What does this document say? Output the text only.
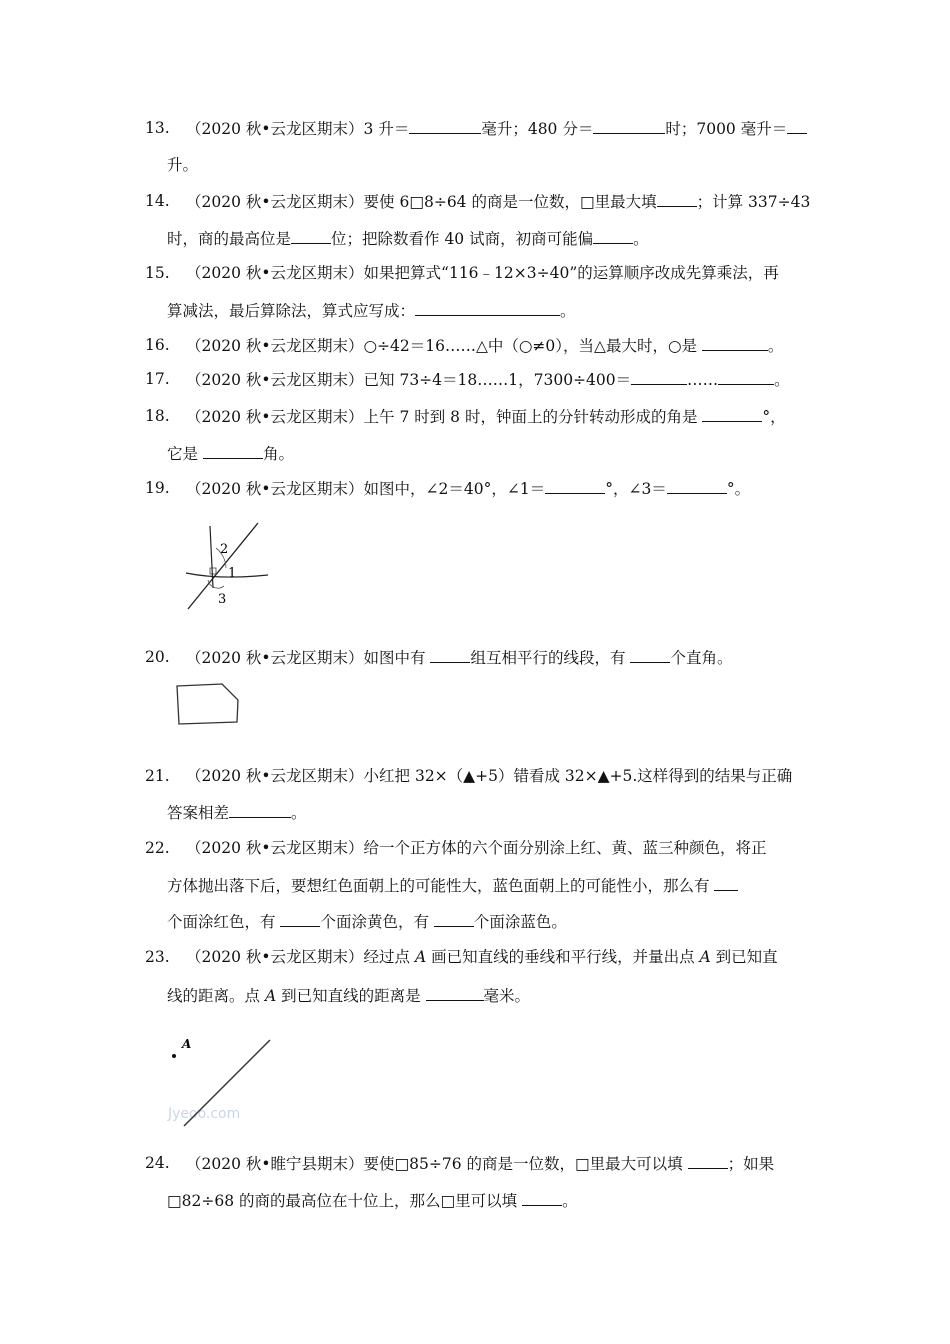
13. （2020 秋•云龙区期末）3 升＝	毫升；480 分＝	时；7000 毫升＝
升。
14. （2020 秋•云龙区期末）要使 6□8÷64 的商是一位数，□里最大填	；计算 337÷43
时，商的最高位是	位；把除数看作 40 试商，初商可能偏	。
15. （2020 秋•云龙区期末）如果把算式“116﹣12×3÷40”的运算顺序改成先算乘法，再
算减法，最后算除法，算式应写成：	。
16. （2020 秋•云龙区期末）○÷42＝16……△中（○≠0），当△最大时，○是	。
17. （2020 秋•云龙区期末）已知 73÷4＝18……1，7300÷400＝	……	。
18. （2020 秋•云龙区期末）上午 7 时到 8 时，钟面上的分针转动形成的角是	°，
它是	角。
19. （2020 秋•云龙区期末）如图中，∠2＝40°，∠1＝	°，∠3＝	°。
2
1
3
20. （2020 秋•云龙区期末）如图中有	组互相平行的线段，有	个直角。
21. （2020 秋•云龙区期末）小红把 32×（▲+5）错看成 32×▲+5.这样得到的结果与正确
答案相差	。
22. （2020 秋•云龙区期末）给一个正方体的六个面分别涂上红、黄、蓝三种颜色，将正
方体抛出落下后，要想红色面朝上的可能性大，蓝色面朝上的可能性小，那么有
个面涂红色，有	个面涂黄色，有	个面涂蓝色。
23. （2020 秋•云龙区期末）经过点 A 画已知直线的垂线和平行线，并量出点 A 到已知直
线的距离。点 A 到已知直线的距离是	毫米。
Jyeoo.com
A
24. （2020 秋•睢宁县期末）要使□85÷76 的商是一位数，□里最大可以填	；如果
□82÷68 的商的最高位在十位上，那么□里可以填	。
